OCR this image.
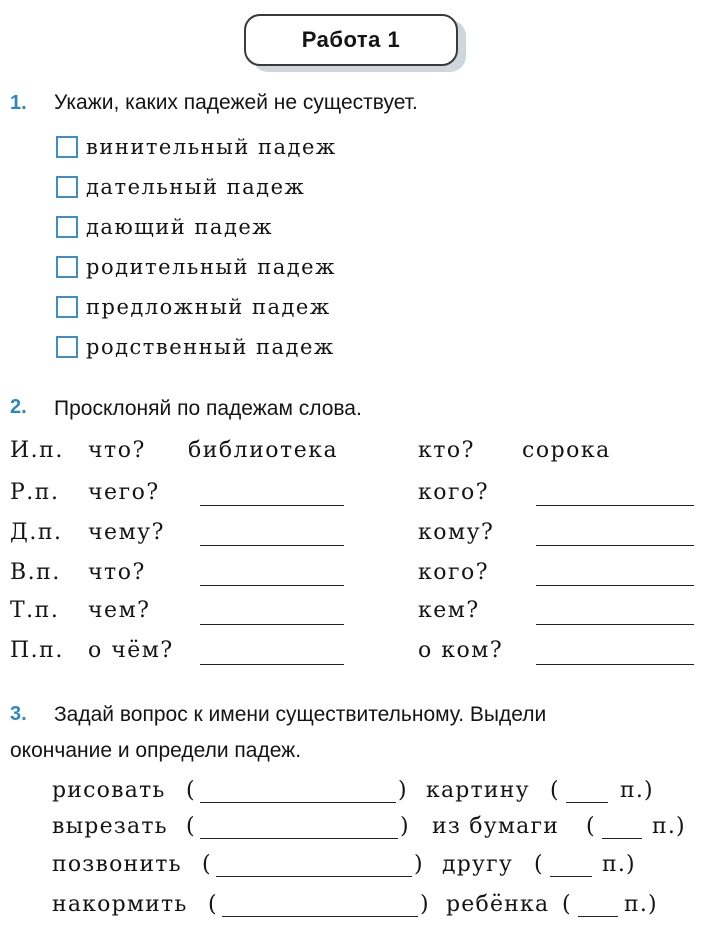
Работа 1
1. Укажи, каких падежей не существует.
винительный падеж
дательный падеж
дающий падеж
родительный падеж
предложный падеж
родственный падеж
2. Просклоняй по падежам слова.
И.п. что? библиотека	кто? сорока
Р.п. чего?	кого?
Д.п. чему?	кому?
В.п. что?	кого?
Т.п. чем?	кем?
П.п. о чём?	о ком?
3. Задай вопрос к имени существительному. Выдели
окончание и определи падеж.
рисовать (	) картину (	п.)
вырезать (	) из бумаги (	п.)
позвонить (	) другу (	п.)
накормить (	) ребёнка ( п.)
